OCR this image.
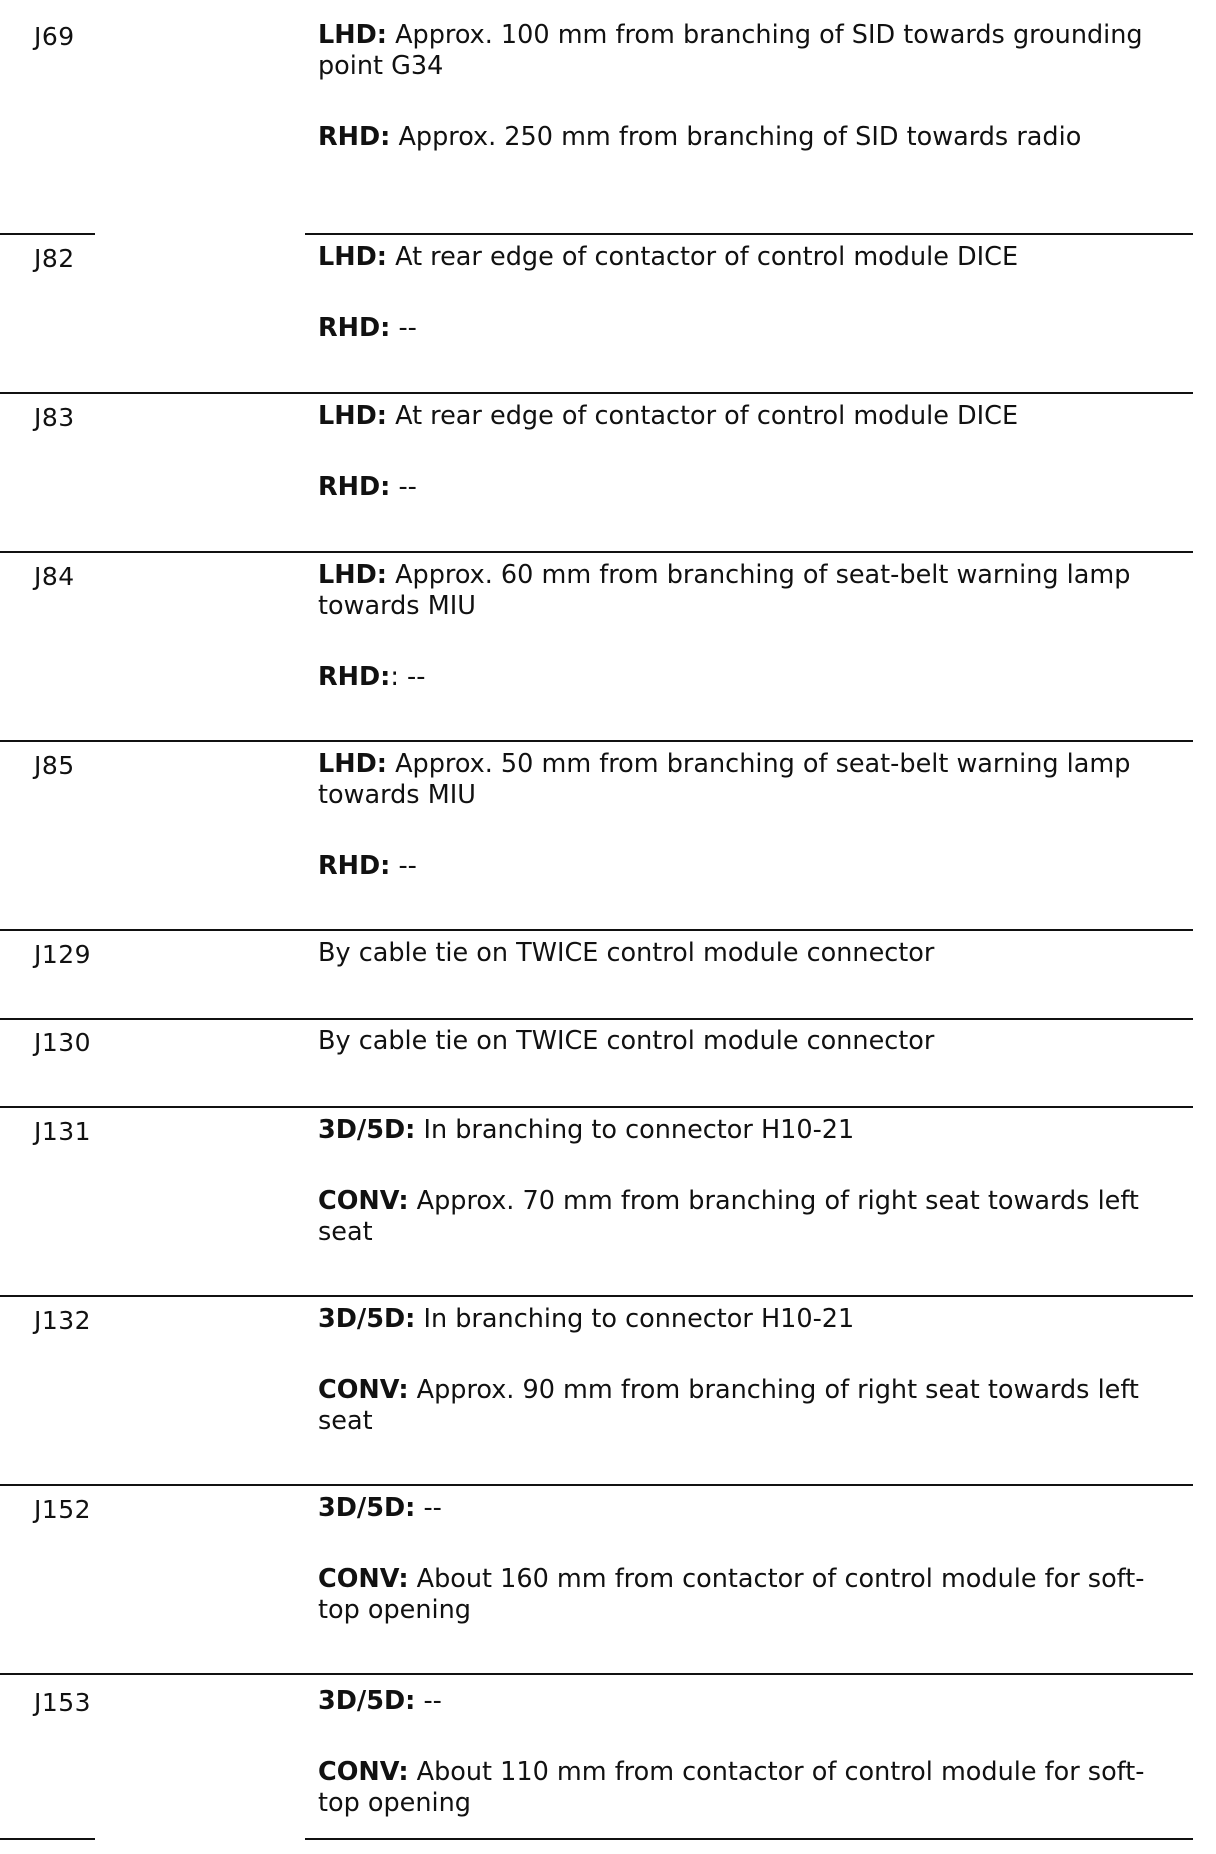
J69	LHD: Approx. 100 mm from branching of SID towards grounding point G34

RHD: Approx. 250 mm from branching of SID towards radio

J82	LHD: At rear edge of contactor of control module DICE

RHD: --

J83	LHD: At rear edge of contactor of control module DICE

RHD: --

J84	LHD: Approx. 60 mm from branching of seat-belt warning lamp towards MIU

RHD:: --

J85	LHD: Approx. 50 mm from branching of seat-belt warning lamp towards MIU

RHD: --

J129	By cable tie on TWICE control module connector

J130	By cable tie on TWICE control module connector

J131	3D/5D: In branching to connector H10-21

CONV: Approx. 70 mm from branching of right seat towards left seat

J132	3D/5D: In branching to connector H10-21

CONV: Approx. 90 mm from branching of right seat towards left seat

J152	3D/5D: --

CONV: About 160 mm from contactor of control module for soft-top opening

J153	3D/5D: --

CONV: About 110 mm from contactor of control module for soft-top opening
